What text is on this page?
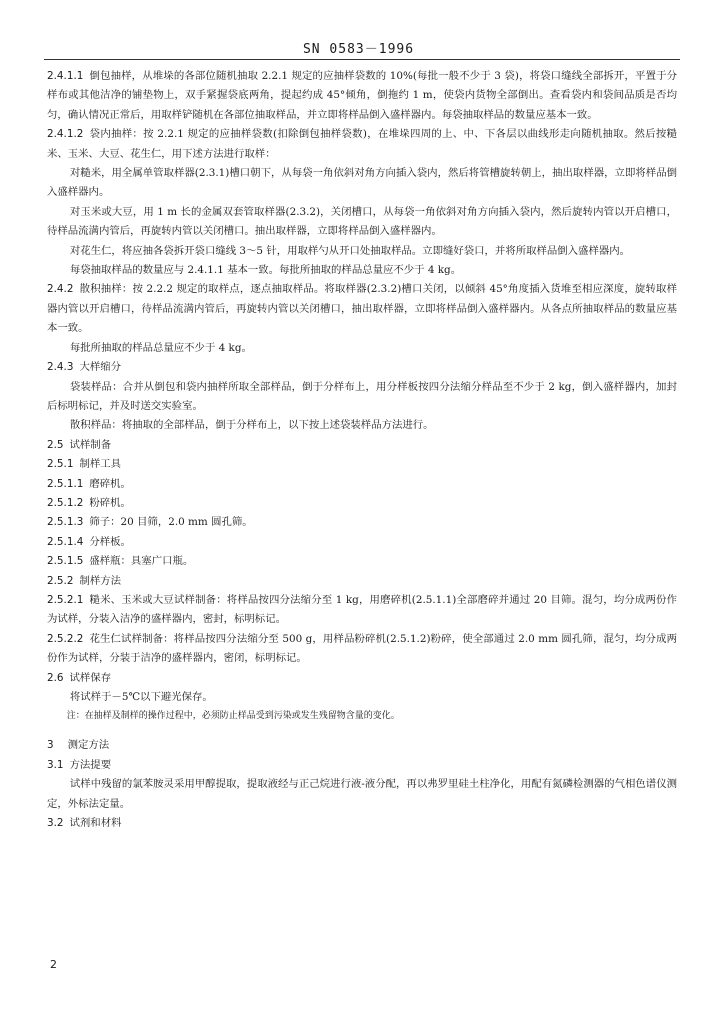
SN 0583－1996

2.4.1.1 倒包抽样，从堆垛的各部位随机抽取 2.2.1 规定的应抽样袋数的 10%(每批一般不少于 3 袋)，将袋口缝线全部拆开，平置于分样布或其他洁净的铺垫物上，双手紧握袋底两角，提起约成 45°倾角，倒拖约 1 m，使袋内货物全部倒出。查看袋内和袋间品质是否均匀，确认情况正常后，用取样铲随机在各部位抽取样品，并立即将样品倒入盛样器内。每袋抽取样品的数量应基本一致。

2.4.1.2 袋内抽样：按 2.2.1 规定的应抽样袋数(扣除倒包抽样袋数)，在堆垛四周的上、中、下各层以曲线形走向随机抽取。然后按糙米、玉米、大豆、花生仁，用下述方法进行取样：

对糙米，用全属单管取样器(2.3.1)槽口朝下，从每袋一角依斜对角方向插入袋内，然后将管槽旋转朝上，抽出取样器，立即将样品倒入盛样器内。

对玉米或大豆，用 1 m 长的金属双套管取样器(2.3.2)，关闭槽口，从每袋一角依斜对角方向插入袋内，然后旋转内管以开启槽口，待样品流满内管后，再旋转内管以关闭槽口。抽出取样器，立即将样品倒入盛样器内。

对花生仁，将应抽各袋拆开袋口缝线 3～5 针，用取样勺从开口处抽取样品。立即缝好袋口，并将所取样品倒入盛样器内。

每袋抽取样品的数量应与 2.4.1.1 基本一致。每批所抽取的样品总量应不少于 4 kg。

2.4.2 散积抽样：按 2.2.2 规定的取样点，逐点抽取样品。将取样器(2.3.2)槽口关闭，以倾斜 45°角度插入货堆至相应深度，旋转取样器内管以开启槽口，待样品流满内管后，再旋转内管以关闭槽口，抽出取样器，立即将样品倒入盛样器内。从各点所抽取样品的数量应基本一致。

每批所抽取的样品总量应不少于 4 kg。

2.4.3 大样缩分

袋装样品：合并从倒包和袋内抽样所取全部样品，倒于分样布上，用分样板按四分法缩分样品至不少于 2 kg，倒入盛样器内，加封后标明标记，并及时送交实验室。

散积样品：将抽取的全部样品，倒于分样布上，以下按上述袋装样品方法进行。

2.5 试样制备

2.5.1 制样工具

2.5.1.1 磨碎机。

2.5.1.2 粉碎机。

2.5.1.3 筛子：20 目筛，2.0 mm 圆孔筛。

2.5.1.4 分样板。

2.5.1.5 盛样瓶：具塞广口瓶。

2.5.2 制样方法

2.5.2.1 糙米、玉米或大豆试样制备：将样品按四分法缩分至 1 kg，用磨碎机(2.5.1.1)全部磨碎并通过 20 目筛。混匀，均分成两份作为试样，分装入洁净的盛样器内，密封，标明标记。

2.5.2.2 花生仁试样制备：将样品按四分法缩分至 500 g，用样品粉碎机(2.5.1.2)粉碎，使全部通过 2.0 mm 圆孔筛，混匀，均分成两份作为试样，分装于洁净的盛样器内，密闭，标明标记。

2.6 试样保存

将试样于－5℃以下避光保存。

注：在抽样及制样的操作过程中，必须防止样品受到污染或发生残留物含量的变化。

3 测定方法

3.1 方法提要

试样中残留的氯苯胺灵采用甲醇提取，提取液经与正己烷进行液-液分配，再以弗罗里硅土柱净化，用配有氮磷检测器的气相色谱仪测定，外标法定量。

3.2 试剂和材料

2
